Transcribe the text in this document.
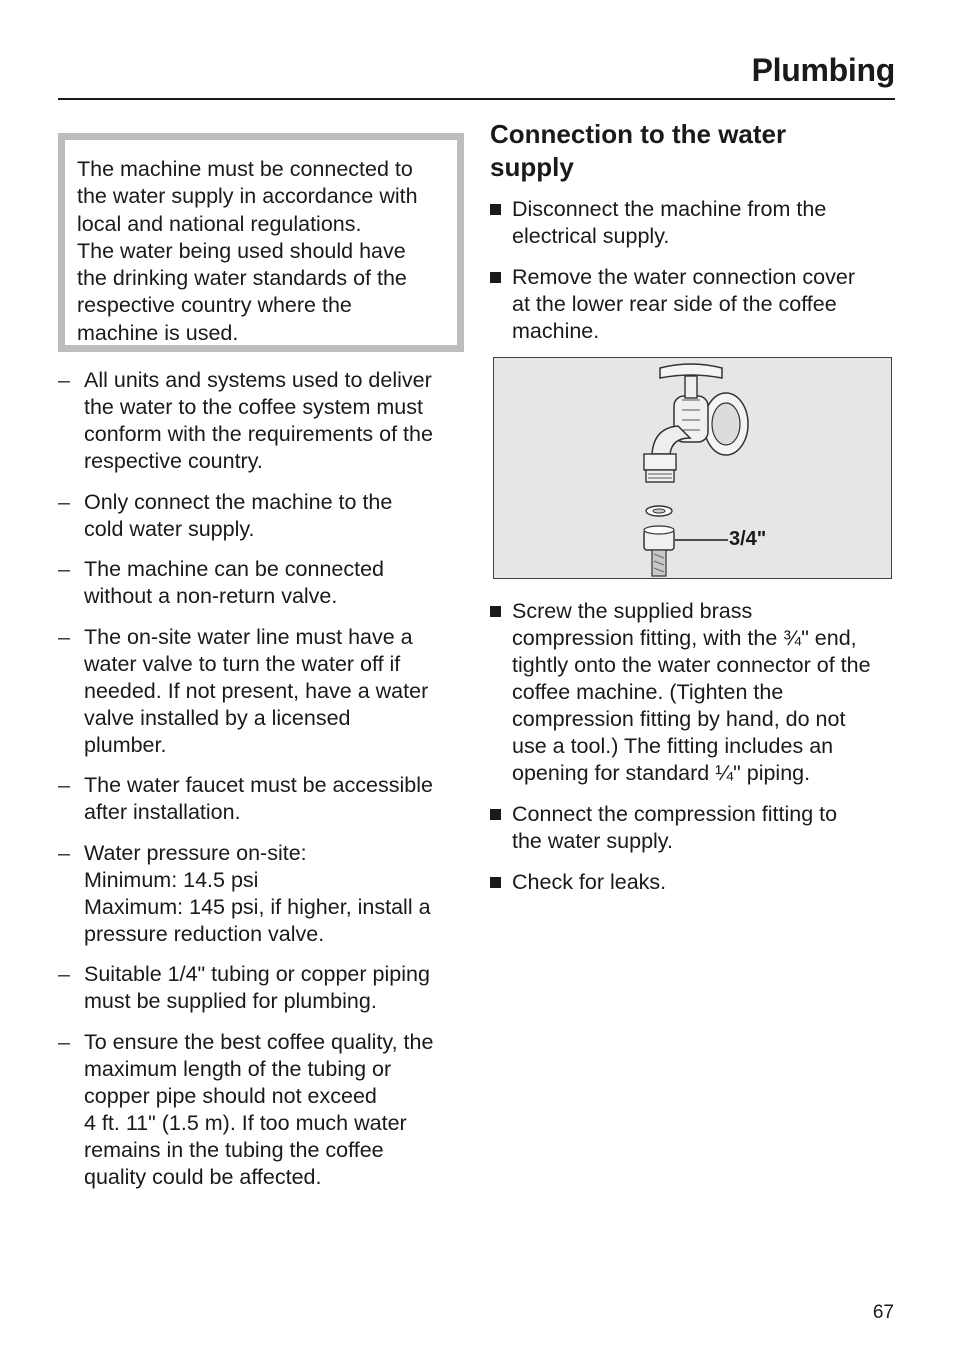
Plumbing

The machine must be connected to
the water supply in accordance with
local and national regulations.
The water being used should have
the drinking water standards of the
respective country where the
machine is used.

– All units and systems used to deliver
the water to the coffee system must
conform with the requirements of the
respective country.
– Only connect the machine to the
cold water supply.
– The machine can be connected
without a non-return valve.
– The on-site water line must have a
water valve to turn the water off if
needed. If not present, have a water
valve installed by a licensed
plumber.
– The water faucet must be accessible
after installation.
– Water pressure on-site:
Minimum: 14.5 psi
Maximum: 145 psi, if higher, install a
pressure reduction valve.
– Suitable 1/4" tubing or copper piping
must be supplied for plumbing.
– To ensure the best coffee quality, the
maximum length of the tubing or
copper pipe should not exceed
4 ft. 11" (1.5 m). If too much water
remains in the tubing the coffee
quality could be affected.
Connection to the water
supply
Disconnect the machine from the
electrical supply.
Remove the water connection cover
at the lower rear side of the coffee
machine.
3/4"
Screw the supplied brass
compression fitting, with the ¾" end,
tightly onto the water connector of the
coffee machine. (Tighten the
compression fitting by hand, do not
use a tool.) The fitting includes an
opening for standard ¼" piping.
Connect the compression fitting to
the water supply.
Check for leaks.
67
